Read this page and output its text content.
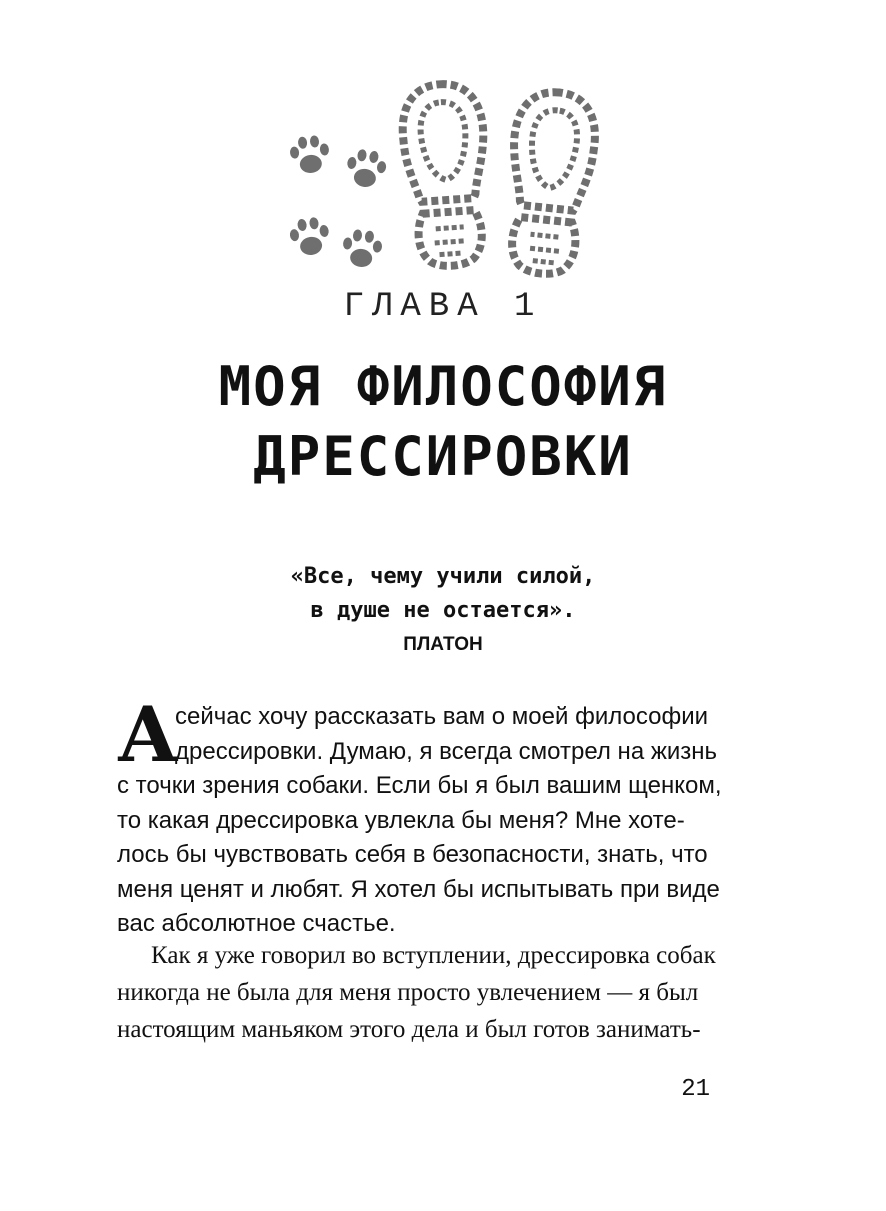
ГЛАВА 1
МОЯ ФИЛОСОФИЯ
ДРЕССИРОВКИ
«Все, чему учили силой,
в душе не остается».
ПЛАТОН
А
сейчас хочу рассказать вам о моей философии
дрессировки. Думаю, я всегда смотрел на жизнь
с точки зрения собаки. Если бы я был вашим щенком,
то какая дрессировка увлекла бы меня? Мне хоте-
лось бы чувствовать себя в безопасности, знать, что
меня ценят и любят. Я хотел бы испытывать при виде
вас абсолютное счастье.
Как я уже говорил во вступлении, дрессировка собак
никогда не была для меня просто увлечением — я был
настоящим маньяком этого дела и был готов занимать-
21
